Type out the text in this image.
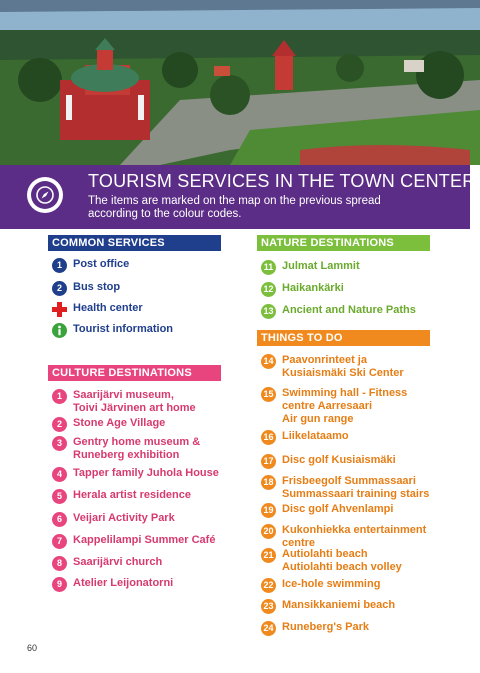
TOURISM SERVICES IN THE TOWN CENTER
The items are marked on the map on the previous spread according to the colour codes.
COMMON SERVICES
1	Post office
2	Bus stop
Health center
Tourist information
CULTURE DESTINATIONS
1	Saarijärvi museum,
Toivi Järvinen art home
2	Stone Age Village
3	Gentry home museum &
Runeberg exhibition
4	Tapper family Juhola House
5	Herala artist residence
6	Veijari Activity Park
7	Kappelilampi Summer Café
8	Saarijärvi church
9	Atelier Leijonatorni
NATURE DESTINATIONS
11 Julmat Lammit
12 Haikankärki
13 Ancient and Nature Paths
THINGS TO DO
14 Paavonrinteet ja
Kusiaismäki Ski Center
15 Swimming hall - Fitness
centre Aarresaari
Air gun range
16 Liikelataamo
17 Disc golf Kusiaismäki
18 Frisbeegolf Summassaari
Summassaari training stairs
19 Disc golf Ahvenlampi
20 Kukonhiekka entertainment
centre
21 Autiolahti beach
Autiolahti beach volley
22 Ice-hole swimming
23 Mansikkaniemi beach
24 Runeberg's Park
60
